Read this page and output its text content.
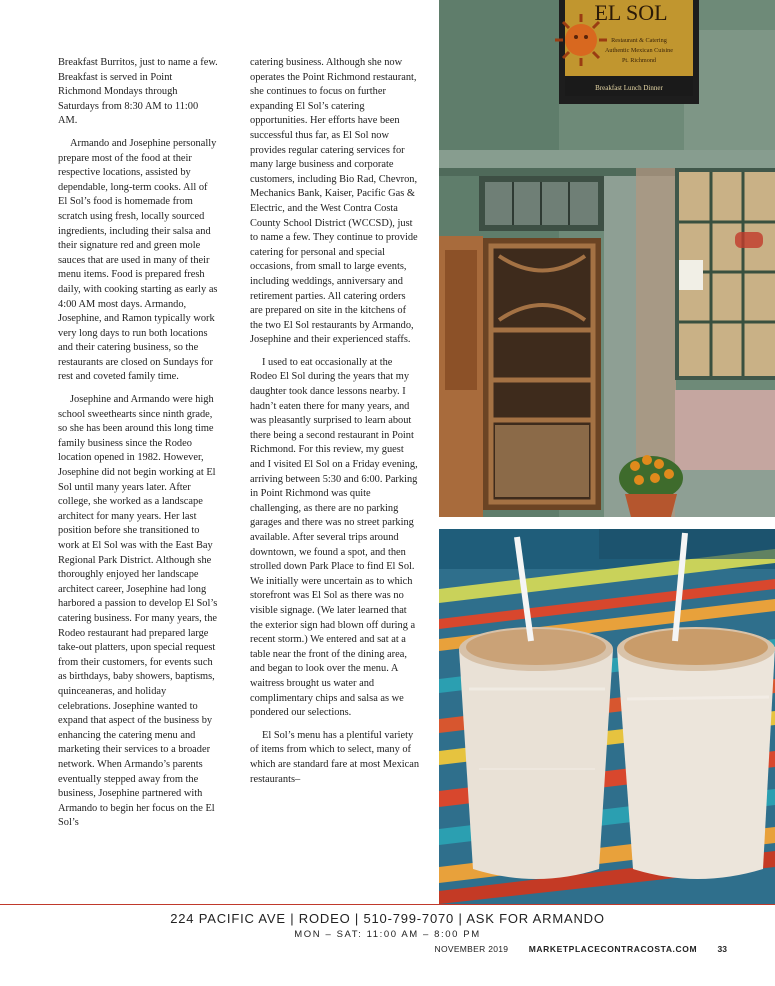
Breakfast Burritos, just to name a few. Breakfast is served in Point Richmond Mondays through Saturdays from 8:30 AM to 11:00 AM.

Armando and Josephine personally prepare most of the food at their respective locations, assisted by dependable, long-term cooks. All of El Sol’s food is homemade from scratch using fresh, locally sourced ingredients, including their salsa and their signature red and green mole sauces that are used in many of their menu items. Food is prepared fresh daily, with cooking starting as early as 4:00 AM most days. Armando, Josephine, and Ramon typically work very long days to run both locations and their catering business, so the restaurants are closed on Sundays for rest and coveted family time.

Josephine and Armando were high school sweethearts since ninth grade, so she has been around this long time family business since the Rodeo location opened in 1982. However, Josephine did not begin working at El Sol until many years later. After college, she worked as a landscape architect for many years. Her last position before she transitioned to work at El Sol was with the East Bay Regional Park District. Although she thoroughly enjoyed her landscape architect career, Josephine had long harbored a passion to develop El Sol’s catering business. For many years, the Rodeo restaurant had prepared large take-out platters, upon special request from their customers, for events such as birthdays, baby showers, baptisms, quinceaneras, and holiday celebrations. Josephine wanted to expand that aspect of the business by enhancing the catering menu and marketing their services to a broader network. When Armando’s parents eventually stepped away from the business, Josephine partnered with Armando to begin her focus on the El Sol’s

catering business. Although she now operates the Point Richmond restaurant, she continues to focus on further expanding El Sol’s catering opportunities. Her efforts have been successful thus far, as El Sol now provides regular catering services for many large business and corporate customers, including Bio Rad, Chevron, Mechanics Bank, Kaiser, Pacific Gas & Electric, and the West Contra Costa County School District (WCCSD), just to name a few. They continue to provide catering for personal and special occasions, from small to large events, including weddings, anniversary and retirement parties. All catering orders are prepared on site in the kitchens of the two El Sol restaurants by Armando, Josephine and their experienced staffs.

I used to eat occasionally at the Rodeo El Sol during the years that my daughter took dance lessons nearby. I hadn’t eaten there for many years, and was pleasantly surprised to learn about there being a second restaurant in Point Richmond. For this review, my guest and I visited El Sol on a Friday evening, arriving between 5:30 and 6:00. Parking in Point Richmond was quite challenging, as there are no parking garages and there was no street parking available. After several trips around downtown, we found a spot, and then strolled down Park Place to find El Sol. We initially were uncertain as to which storefront was El Sol as there was no visible signage. (We later learned that the exterior sign had blown off during a recent storm.) We entered and sat at a table near the front of the dining area, and began to look over the menu. A waitress brought us water and complimentary chips and salsa as we pondered our selections.

El Sol’s menu has a plentiful variety of items from which to select, many of which are standard fare at most Mexican restaurants–

EL SOL
Restaurant & Catering
Authentic Mexican Cuisine
Pt. Richmond
Breakfast Lunch Dinner
224 PACIFIC AVE | RODEO | 510-799-7070 | ASK FOR ARMANDO
MON – SAT: 11:00 AM – 8:00 PM
NOVEMBER 2019 MARKETPLACECONTRACOSTA.COM 33
